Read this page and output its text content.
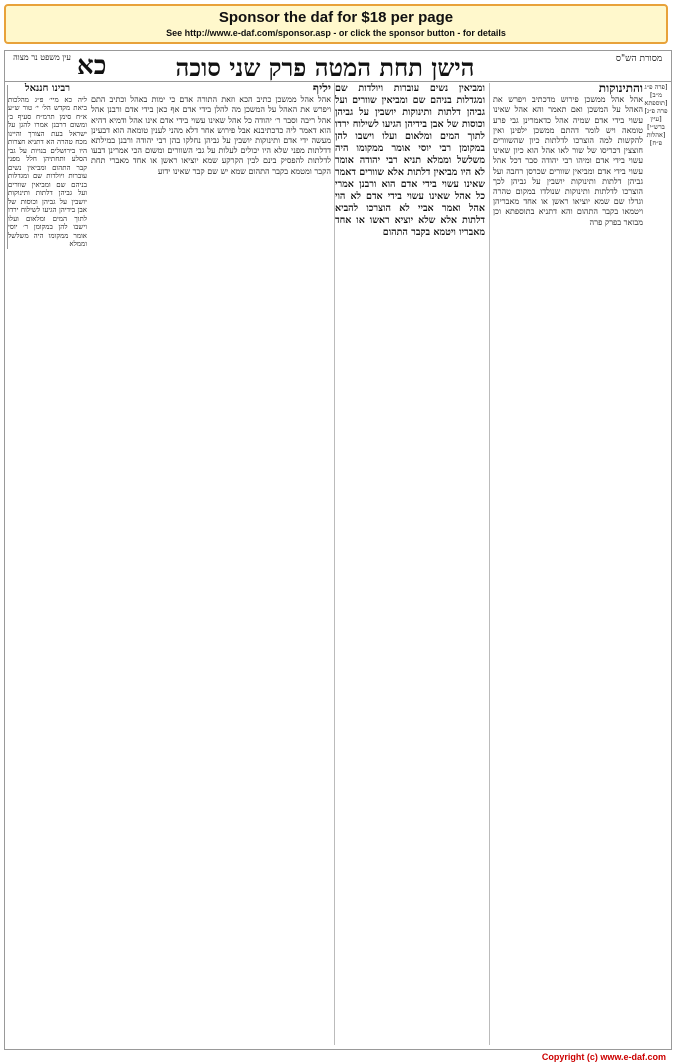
Sponsor the daf for $18 per page
See http://www.e-daf.com/sponsor.asp - or click the sponsor button - for details
עין משפט נר מצוה כא	הישן תחת המטה פרק שני סוכה	מסורת הש"ס
רבינו חננאל

ליה כא מיי׳ פ״ג מהלכות ביאת מקדש הל׳ י׳ טור ש״ע א״ח סימן תרמ״ח סעיף ב׳ ומשום דרבנן אמרו להגן על ישראל בעת הצורך והיינו מכח טהרה הא דתניא חצרות היו בירושלים בנויות על גבי הסלע ותחתיהן חלל מפני קבר התהום ומביאין נשים עוברות ויולדות שם ומגדלות בניהם שם ומביאין שוורים ועל גביהן דלתות ותינוקות יושבין על גביהן וכוסות של אבן בידיהן הגיעו לשילוח ירדו לתוך המים ומלאום ועלו וישבו להן במקומן ר׳ יוסי אומר ממקומו היה משלשל וממלא

יליף

אהל אהל ממשכן כתיב הכא וזאת התורה אדם כי ימות באהל וכתיב התם ויפרש את האהל על המשכן מה להלן בידי אדם אף כאן בידי אדם ורבנן אהל אהל ריבה וסבר ר׳ יהודה כל אהל שאינו עשוי בידי אדם אינו אהל ודמיא דהיא הוא דאמר ליה כדכתיבנא אבל פירוש אחר דלא מהני לענין טומאה הוא דבעינן מעשה ידי אדם ותינוקות יושבין על גביהן נחלקו בהן רבי יהודה ורבנן במילתא דדלתות מפני שלא היו יכולים לעלות על גבי השוורים ומשום הכי אמרינן דבעו לדלתות להפסיק בינם לבין הקרקע שמא יוציאו ראשן או אחד מאברי תחת הקבר ומטמא בקבר התהום שמא יש שם קבר שאינו ידוע

ומביאין נשים עוברות ויולדות שם ומגדלות בניהם שם ומביאין שוורים ועל גביהן דלתות ותינוקות יושבין על גביהן וכוסות של אבן בידיהן הגיעו לשילוח ירדו לתוך המים ומלאום ועלו וישבו להן במקומן רבי יוסי אומר ממקומו היה משלשל וממלא תניא רבי יהודה אומר לא היו מביאין דלתות אלא שוורים דאמר שאינו עשוי בידי אדם הוא ורבנן אמרי כל אהל שאינו עשוי בידי אדם לא הוי אהל ואמר אביי לא הוצרכו להביא דלתות אלא שלא יוציא ראשו או אחד מאבריו ויטמא בקבר התהום

והתינוקות

אהל אהל ממשכן פירוש מדכתיב ויפרש את האהל על המשכן ואם תאמר והא אהל שאינו עשוי בידי אדם שמיה אהל כדאמרינן גבי פרע טומאה ויש לומר דהתם ממשכן ילפינן ואין להקשות למה הוצרכו לדלתות כיון שהשוורים חוצצין דכריסו של שור לאו אהל הוא כיון שאינו עשוי בידי אדם ומיהו רבי יהודה סבר דכל אהל עשוי בידי אדם ומביאין שוורים שכרסן רחבה ועל גביהן דלתות ותינוקות יושבין על גביהן לכך הוצרכו לדלתות ותינוקות שנולדו במקום טהרה וגדלו שם שמא יוציאו ראשן או אחד מאבריהן ויטמאו בקבר התהום והא דתניא בתוספתא וכן מבואר בפרק פרה

[פרה פ״ג מ״ב] [תוספתא פרה פ״ג] [עיין ברש״י] [אהלות פ״ח]

Copyright (c) www.e-daf.com
